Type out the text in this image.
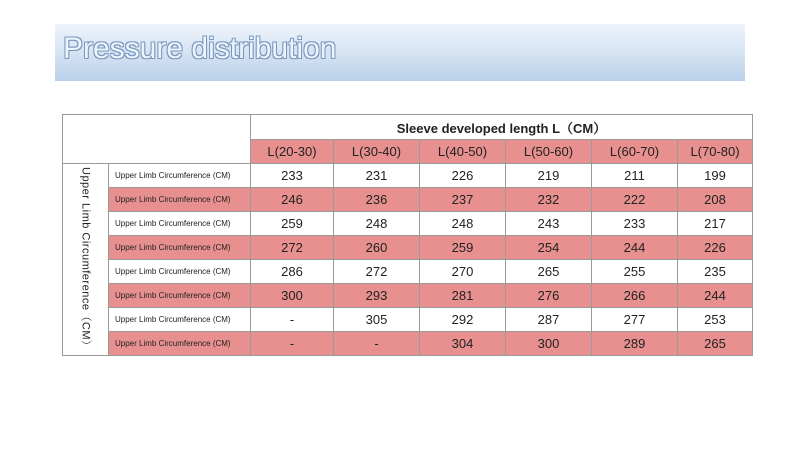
Pressure distribution
		Sleeve developed length L（CM）					
		L(20-30)	L(30-40)	L(40-50)	L(50-60)	L(60-70)	L(70-80)

Upper Limb Circumference（CM）	Upper Limb Circumference (CM)	233	231	226	219	211	199
	Upper Limb Circumference (CM)	246	236	237	232	222	208
	Upper Limb Circumference (CM)	259	248	248	243	233	217
	Upper Limb Circumference (CM)	272	260	259	254	244	226
	Upper Limb Circumference (CM)	286	272	270	265	255	235
	Upper Limb Circumference (CM)	300	293	281	276	266	244
	Upper Limb Circumference (CM)	-	305	292	287	277	253
	Upper Limb Circumference (CM)	-	-	304	300	289	265
